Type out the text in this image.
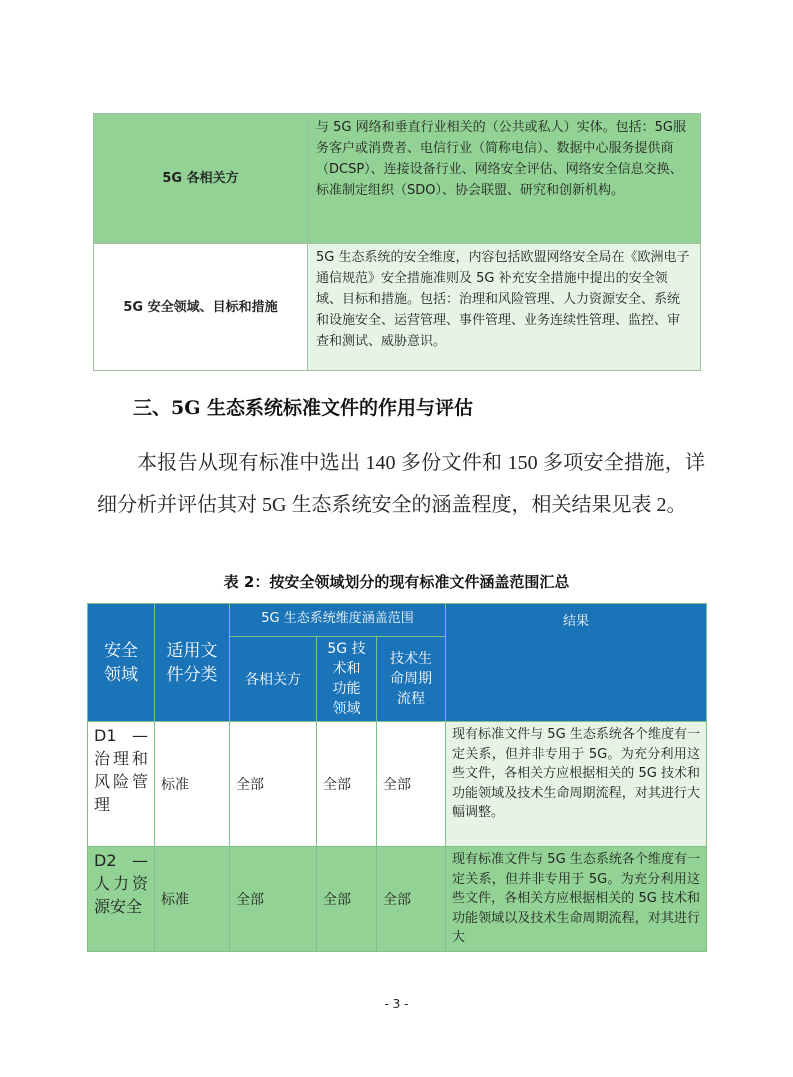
5G 各相关方	与 5G 网络和垂直行业相关的（公共或私人）实体。包括：5G服务客户或消费者、电信行业（简称电信）、数据中心服务提供商（DCSP）、连接设备行业、网络安全评估、网络安全信息交换、标准制定组织（SDO）、协会联盟、研究和创新机构。
5G 安全领域、目标和措施	5G 生态系统的安全维度，内容包括欧盟网络安全局在《欧洲电子通信规范》安全措施准则及 5G 补充安全措施中提出的安全领域、目标和措施。包括：治理和风险管理、人力资源安全、系统和设施安全、运营管理、事件管理、业务连续性管理、监控、审查和测试、威胁意识。
三、5G 生态系统标准文件的作用与评估

本报告从现有标准中选出 140 多份文件和 150 多项安全措施，详细分析并评估其对 5G 生态系统安全的涵盖程度，相关结果见表 2。

表 2：按安全领域划分的现有标准文件涵盖范围汇总
安全领域	适用文件分类	5G 生态系统维度涵盖范围			结果
		各相关方	5G 技术和功能领域	技术生命周期流程	
D1 — 治理和风险管理	标准	全部	全部	全部	现有标准文件与 5G 生态系统各个维度有一定关系，但并非专用于 5G。为充分利用这些文件，各相关方应根据相关的 5G 技术和功能领域及技术生命周期流程，对其进行大幅调整。
D2 — 人力资源安全	标准	全部	全部	全部	现有标准文件与 5G 生态系统各个维度有一定关系，但并非专用于 5G。为充分利用这些文件，各相关方应根据相关的 5G 技术和功能领域以及技术生命周期流程，对其进行大
- 3 -
